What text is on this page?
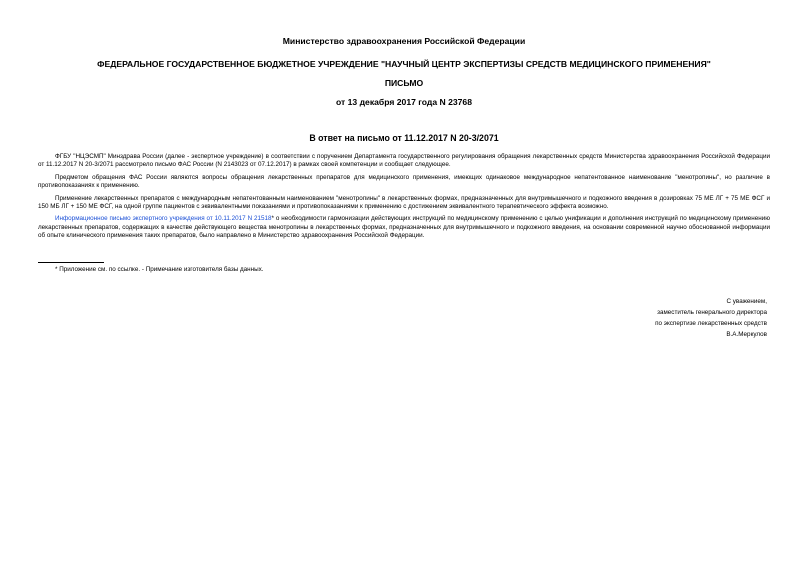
Министерство здравоохранения Российской Федерации
ФЕДЕРАЛЬНОЕ ГОСУДАРСТВЕННОЕ БЮДЖЕТНОЕ УЧРЕЖДЕНИЕ "НАУЧНЫЙ ЦЕНТР ЭКСПЕРТИЗЫ СРЕДСТВ МЕДИЦИНСКОГО ПРИМЕНЕНИЯ"
ПИСЬМО
от 13 декабря 2017 года N 23768
В ответ на письмо от 11.12.2017 N 20-3/2071

ФГБУ "НЦЭСМП" Минздрава России (далее - экспертное учреждение) в соответствии с поручением Департамента государственного регулирования обращения лекарственных средств Министерства здравоохранения Российской Федерации от 11.12.2017 N 20-3/2071 рассмотрело письмо ФАС России (N 2143023 от 07.12.2017) в рамках своей компетенции и сообщает следующее.

Предметом обращения ФАС России являются вопросы обращения лекарственных препаратов для медицинского применения, имеющих одинаковое международное непатентованное наименование "менотропины", но различие в противопоказаниях к применению.

Применение лекарственных препаратов с международным непатентованным наименованием "менотропины" в лекарственных формах, предназначенных для внутримышечного и подкожного введения в дозировках 75 МЕ ЛГ + 75 МЕ ФСГ и 150 МБ ЛГ + 150 МЕ ФСГ, на одной группе пациентов с эквивалентными показаниями и противопоказаниями к применению с достижением эквивалентного терапевтического эффекта возможно.

Информационное письмо экспертного учреждения от 10.11.2017 N 21518* о необходимости гармонизации действующих инструкций по медицинскому применению с целью унификации и дополнения инструкций по медицинскому применению лекарственных препаратов, содержащих в качестве действующего вещества менотропины в лекарственных формах, предназначенных для внутримышечного и подкожного введения, на основании современной научно обоснованной информации об опыте клинического применения таких препаратов, было направлено в Министерство здравоохранения Российской Федерации.

* Приложение см. по ссылке. - Примечание изготовителя базы данных.
С уважением,
заместитель генерального директора
по экспертизе лекарственных средств
В.А.Меркулов
